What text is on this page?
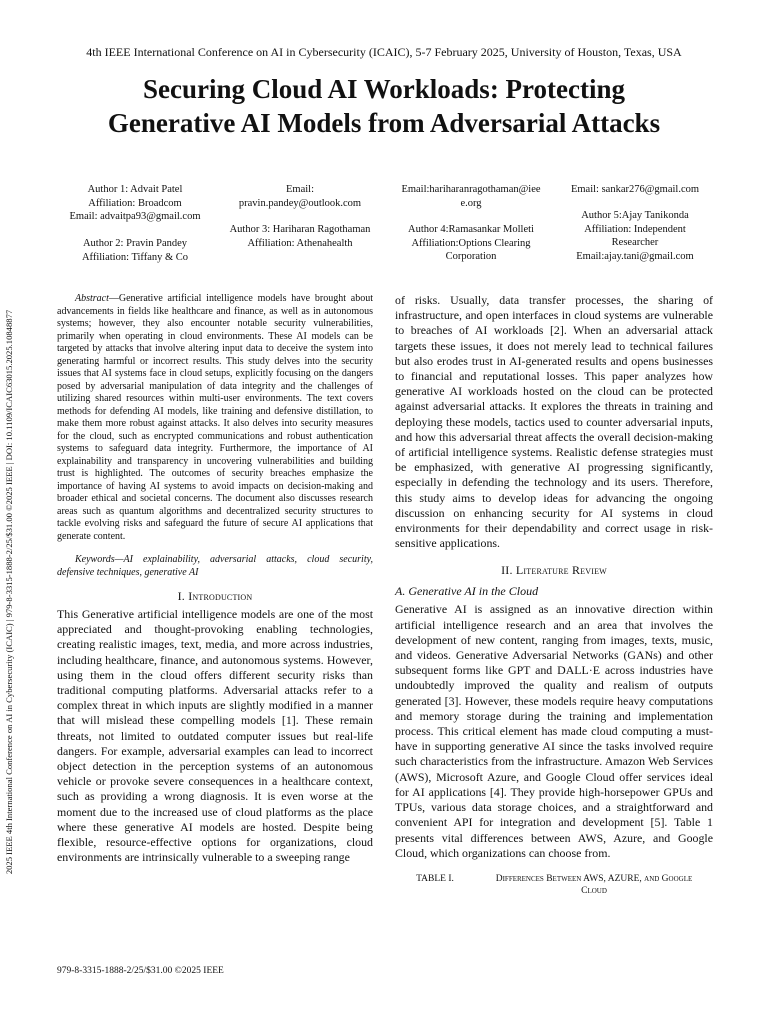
4th IEEE International Conference on AI in Cybersecurity (ICAIC), 5-7 February 2025, University of Houston, Texas, USA
Securing Cloud AI Workloads: Protecting
Generative AI Models from Adversarial Attacks
2025 IEEE 4th International Conference on AI in Cybersecurity (ICAIC) | 979-8-3315-1888-2/25/$31.00 ©2025 IEEE | DOI: 10.1109/ICAIC63015.2025.10848877
Author 1: Advait Patel
Affiliation: Broadcom
Email: advaitpa93@gmail.com
Author 2: Pravin Pandey
Affiliation: Tiffany & Co
Email:
pravin.pandey@outlook.com
Author 3: Hariharan Ragothaman
Affiliation: Athenahealth
Email:hariharanragothaman@iee
e.org
Author 4:Ramasankar Molleti
Affiliation:Options Clearing
Corporation
Email: sankar276@gmail.com
Author 5:Ajay Tanikonda
Affiliation: Independent
Researcher
Email:ajay.tani@gmail.com

Abstract—Generative artificial intelligence models have brought about advancements in fields like healthcare and finance, as well as in autonomous systems; however, they also encounter notable security vulnerabilities, primarily when operating in cloud environments. These AI models can be targeted by attacks that involve altering input data to deceive the system into generating harmful or incorrect results. This study delves into the security issues that AI systems face in cloud setups, explicitly focusing on the dangers posed by adversarial manipulation of data integrity and the challenges of utilizing shared resources within multi-user environments. The text covers methods for defending AI models, like training and defensive distillation, to make them more robust against attacks. It also delves into security measures for the cloud, such as encrypted communications and robust authentication systems to safeguard data integrity. Furthermore, the importance of AI explainability and transparency in uncovering vulnerabilities and building trust is highlighted. The outcomes of security breaches emphasize the importance of having AI systems to avoid impacts on decision-making and broader ethical and societal concerns. The document also discusses research areas such as quantum algorithms and decentralized security structures to tackle evolving risks and safeguard the future of secure AI applications that generate content.

Keywords—AI explainability, adversarial attacks, cloud security, defensive techniques, generative AI

I. Introduction

This Generative artificial intelligence models are one of the most appreciated and thought-provoking enabling technologies, creating realistic images, text, media, and more across industries, including healthcare, finance, and autonomous systems. However, using them in the cloud offers different security risks than traditional computing platforms. Adversarial attacks refer to a complex threat in which inputs are slightly modified in a manner that will mislead these compelling models [1]. These remain threats, not limited to outdated computer issues but real-life dangers. For example, adversarial examples can lead to incorrect object detection in the perception systems of an autonomous vehicle or provoke severe consequences in a healthcare context, such as providing a wrong diagnosis. It is even worse at the moment due to the increased use of cloud platforms as the place where these generative AI models are hosted. Despite being flexible, resource-effective options for organizations, cloud environments are intrinsically vulnerable to a sweeping range

of risks. Usually, data transfer processes, the sharing of infrastructure, and open interfaces in cloud systems are vulnerable to breaches of AI workloads [2]. When an adversarial attack targets these issues, it does not merely lead to technical failures but also erodes trust in AI-generated results and opens businesses to financial and reputational losses. This paper analyzes how generative AI workloads hosted on the cloud can be protected against adversarial attacks. It explores the threats in training and deploying these models, tactics used to counter adversarial inputs, and how this adversarial threat affects the overall decision-making of artificial intelligence systems. Realistic defense strategies must be emphasized, with generative AI progressing significantly, especially in defending the technology and its users. Therefore, this study aims to develop ideas for advancing the ongoing discussion on enhancing security for AI systems in cloud environments for their dependability and correct usage in risk-sensitive applications.

II. Literature Review
A. Generative AI in the Cloud

Generative AI is assigned as an innovative direction within artificial intelligence research and an area that involves the development of new content, ranging from images, texts, music, and videos. Generative Adversarial Networks (GANs) and other subsequent forms like GPT and DALL·E across industries have undoubtedly improved the quality and realism of outputs generated [3]. However, these models require heavy computations and memory storage during the training and implementation process. This critical element has made cloud computing a must-have in supporting generative AI since the tasks involved require such characteristics from the infrastructure. Amazon Web Services (AWS), Microsoft Azure, and Google Cloud offer services ideal for AI applications [4]. They provide high-horsepower GPUs and TPUs, various data storage choices, and a straightforward and convenient API for integration and development [5]. Table 1 presents vital differences between AWS, Azure, and Google Cloud, which organizations can choose from.

TABLE I.	Differences Between AWS, AZURE, and Google
Cloud
979-8-3315-1888-2/25/$31.00 ©2025 IEEE
